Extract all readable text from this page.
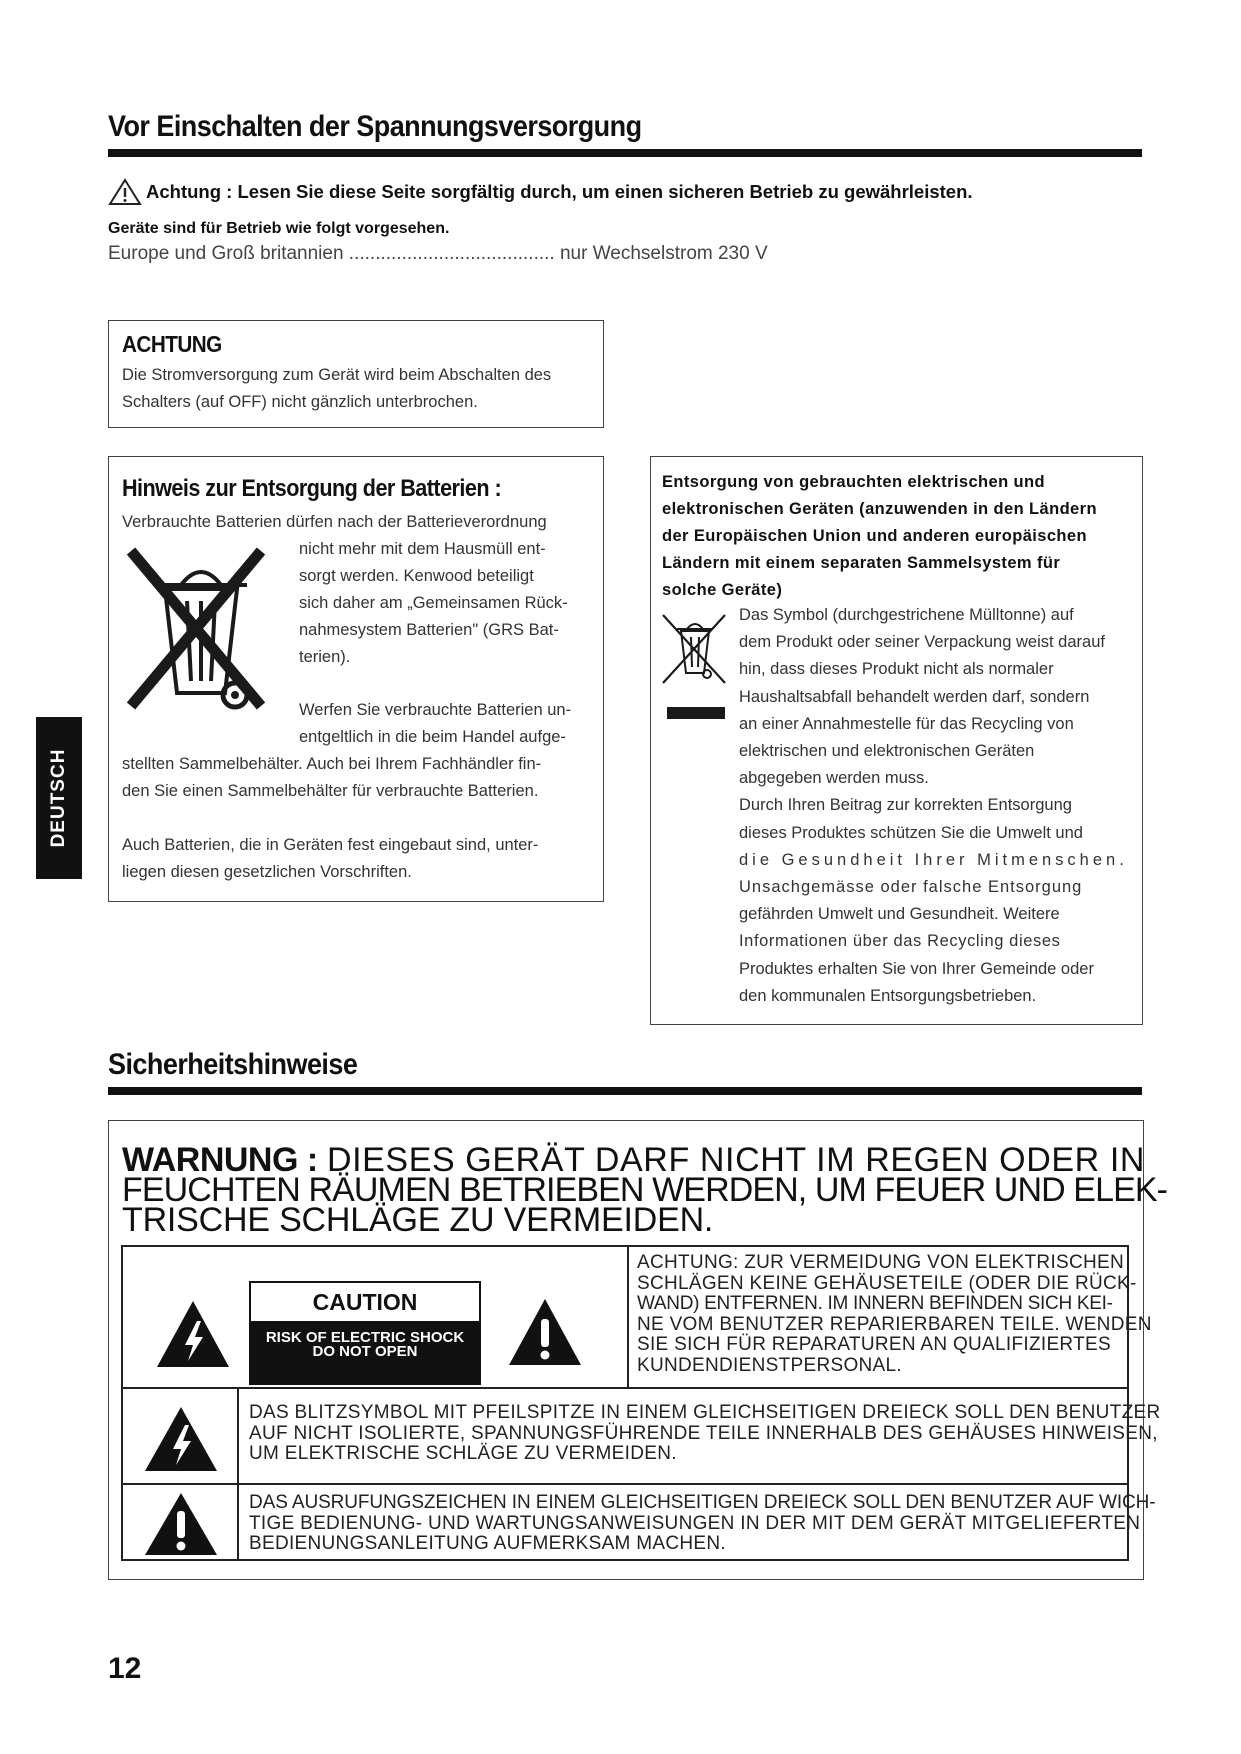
Vor Einschalten der Spannungsversorgung
Achtung : Lesen Sie diese Seite sorgfältig durch, um einen sicheren Betrieb zu gewährleisten.
Geräte sind für Betrieb wie folgt vorgesehen.
Europe und Groß britannien ....................................... nur Wechselstrom 230 V
ACHTUNG
Die Stromversorgung zum Gerät wird beim Abschalten des
Schalters (auf OFF) nicht gänzlich unterbrochen.
Hinweis zur Entsorgung der Batterien :
Verbrauchte Batterien dürfen nach der Batterieverordnung
nicht mehr mit dem Hausmüll ent-
sorgt werden. Kenwood beteiligt
sich daher am „Gemeinsamen Rück-
nahmesystem Batterien" (GRS Bat-
terien).
Werfen Sie verbrauchte Batterien un-
entgeltlich in die beim Handel aufge-
stellten Sammelbehälter. Auch bei Ihrem Fachhändler fin-
den Sie einen Sammelbehälter für verbrauchte Batterien.
Auch Batterien, die in Geräten fest eingebaut sind, unter-
liegen diesen gesetzlichen Vorschriften.
Entsorgung von gebrauchten elektrischen und
elektronischen Geräten (anzuwenden in den Ländern
der Europäischen Union und anderen europäischen
Ländern mit einem separaten Sammelsystem für
solche Geräte)
Das Symbol (durchgestrichene Mülltonne) auf
dem Produkt oder seiner Verpackung weist darauf
hin, dass dieses Produkt nicht als normaler
Haushaltsabfall behandelt werden darf, sondern
an einer Annahmestelle für das Recycling von
elektrischen und elektronischen Geräten
abgegeben werden muss.
Durch Ihren Beitrag zur korrekten Entsorgung
dieses Produktes schützen Sie die Umwelt und
die Gesundheit Ihrer Mitmenschen.
Unsachgemässe oder falsche Entsorgung
gefährden Umwelt und Gesundheit. Weitere
Informationen über das Recycling dieses
Produktes erhalten Sie von Ihrer Gemeinde oder
den kommunalen Entsorgungsbetrieben.
DEUTSCH
Sicherheitshinweise
WARNUNG : DIESES GERÄT DARF NICHT IM REGEN ODER IN
FEUCHTEN RÄUMEN BETRIEBEN WERDEN, UM FEUER UND ELEK-
TRISCHE SCHLÄGE ZU VERMEIDEN.
CAUTION
RISK OF ELECTRIC SHOCK
DO NOT OPEN
ACHTUNG: ZUR VERMEIDUNG VON ELEKTRISCHEN
SCHLÄGEN KEINE GEHÄUSETEILE (ODER DIE RÜCK-
WAND) ENTFERNEN. IM INNERN BEFINDEN SICH KEI-
NE VOM BENUTZER REPARIERBAREN TEILE. WENDEN
SIE SICH FÜR REPARATUREN AN QUALIFIZIERTES
KUNDENDIENSTPERSONAL.
DAS BLITZSYMBOL MIT PFEILSPITZE IN EINEM GLEICHSEITIGEN DREIECK SOLL DEN BENUTZER
AUF NICHT ISOLIERTE, SPANNUNGSFÜHRENDE TEILE INNERHALB DES GEHÄUSES HINWEISEN,
UM ELEKTRISCHE SCHLÄGE ZU VERMEIDEN.
DAS AUSRUFUNGSZEICHEN IN EINEM GLEICHSEITIGEN DREIECK SOLL DEN BENUTZER AUF WICH-
TIGE BEDIENUNG- UND WARTUNGSANWEISUNGEN IN DER MIT DEM GERÄT MITGELIEFERTEN
BEDIENUNGSANLEITUNG AUFMERKSAM MACHEN.
12
